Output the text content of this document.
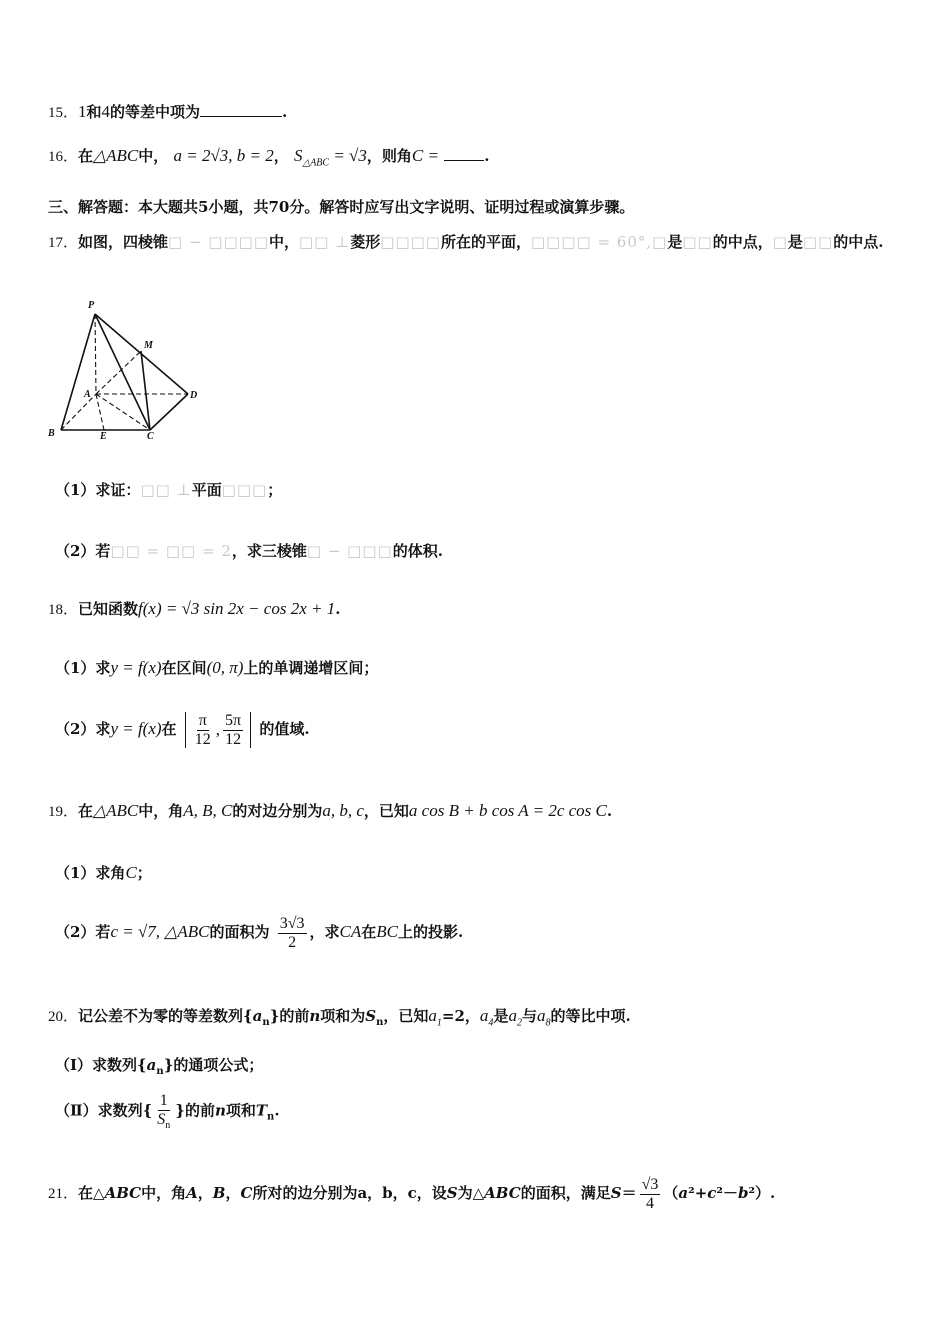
15．1和4的等差中项为	.
16．在△ABC中， a = 2√3, b = 2， $S_{\triangle ABC} = √3$，则角C =	.
三、解答题：本大题共5小题，共70分。解答时应写出文字说明、证明过程或演算步骤。
17．如图，四棱锥□ − □□□□中，□□ ⊥菱形□□□□所在的平面，□□□□ = 60°,□是□□的中点，□是□□的中点.
P
M
A	D
B	E	C
（1）求证：□□ ⊥平面□□□；
（2）若□□ = □□ = 2，求三棱锥□ − □□□的体积.
18．已知函数f(x) = √3 sin 2x − cos 2x + 1.
（1）求y = f(x)在区间(0, π)上的单调递增区间；
（2）求y = f(x)在 $\frac{\pi}{12}$ , $\frac{5\pi}{12}$ 的值域.
19．在△ABC中，角A, B, C的对边分别为a, b, c，已知a cos B + b cos A = 2c cos C.
（1）求角C；
（2）若c = √7, △ABC的面积为 $\frac{3√3}{2}$ ，求CA在BC上的投影.
20．记公差不为零的等差数列$\{a_n\}$的前n项和为$S_n$，已知$a_1=2$，$a_4$是$a_2$与$a_8$的等比中项.
（Ⅰ）求数列$\{a_n\}$的通项公式；
（Ⅱ）求数列{ $\frac{1}{S_n}$ }的前n项和$T_n$.
21．在△ABC中，角A，B，C所对的边分别为a，b，c，设S为△ABC的面积，满足$S= \frac{√3}{4} (a^2+c^2-b^2)$.
